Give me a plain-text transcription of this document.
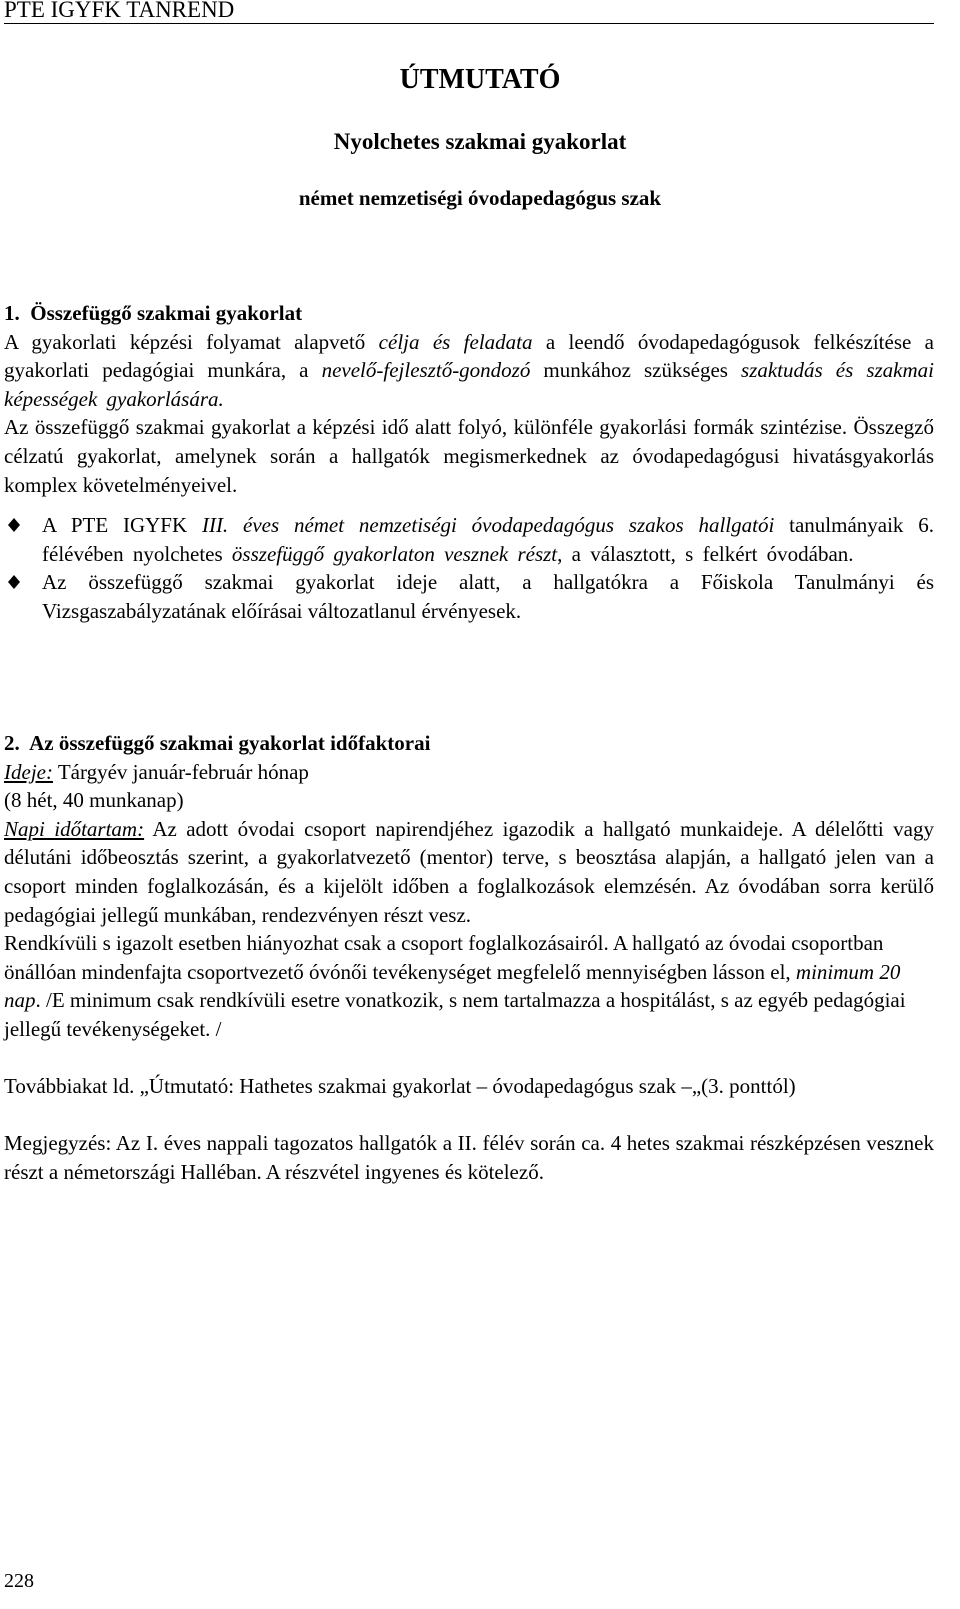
PTE IGYFK TANREND
ÚTMUTATÓ
Nyolchetes szakmai gyakorlat
német nemzetiségi óvodapedagógus szak

1.  Összefüggő szakmai gyakorlat

A gyakorlati képzési folyamat alapvető célja és feladata a leendő óvodapedagógusok felkészítése a gyakorlati pedagógiai munkára, a nevelő-fejlesztő-gondozó munkához szükséges szaktudás és szakmai képességek gyakorlására.

Az összefüggő szakmai gyakorlat a képzési idő alatt folyó, különféle gyakorlási formák szintézise. Összegző célzatú gyakorlat, amelynek során a hallgatók megismerkednek az óvodapedagógusi hivatásgyakorlás komplex követelményeivel.

A PTE IGYFK III. éves német nemzetiségi óvodapedagógus szakos hallgatói tanulmányaik 6. félévében nyolchetes összefüggő gyakorlaton vesznek részt, a választott, s felkért óvodában.

Az összefüggő szakmai gyakorlat ideje alatt, a hallgatókra a Főiskola Tanulmányi és Vizsgaszabályzatának előírásai változatlanul érvényesek.

2.  Az összefüggő szakmai gyakorlat időfaktorai

Ideje: Tárgyév január-február hónap

(8 hét, 40 munkanap)

Napi időtartam: Az adott óvodai csoport napirendjéhez igazodik a hallgató munkaideje. A délelőtti vagy délutáni időbeosztás szerint, a gyakorlatvezető (mentor) terve, s beosztása alapján, a hallgató jelen van a csoport minden foglalkozásán, és a kijelölt időben a foglalkozások elemzésén. Az óvodában sorra kerülő pedagógiai jellegű munkában, rendezvényen részt vesz.

Rendkívüli s igazolt esetben hiányozhat csak a csoport foglalkozásairól. A hallgató az óvodai csoportban önállóan mindenfajta csoportvezető óvónői tevékenységet megfelelő mennyiségben lásson el, minimum 20 nap. /E minimum csak rendkívüli esetre vonatkozik, s nem tartalmazza a hospitálást, s az egyéb pedagógiai jellegű tevékenységeket. /

Továbbiakat ld. „Útmutató: Hathetes szakmai gyakorlat – óvodapedagógus szak –„(3. ponttól)

Megjegyzés: Az I. éves nappali tagozatos hallgatók a II. félév során ca. 4 hetes szakmai részképzésen vesznek részt a németországi Halléban. A részvétel ingyenes és kötelező.

228
